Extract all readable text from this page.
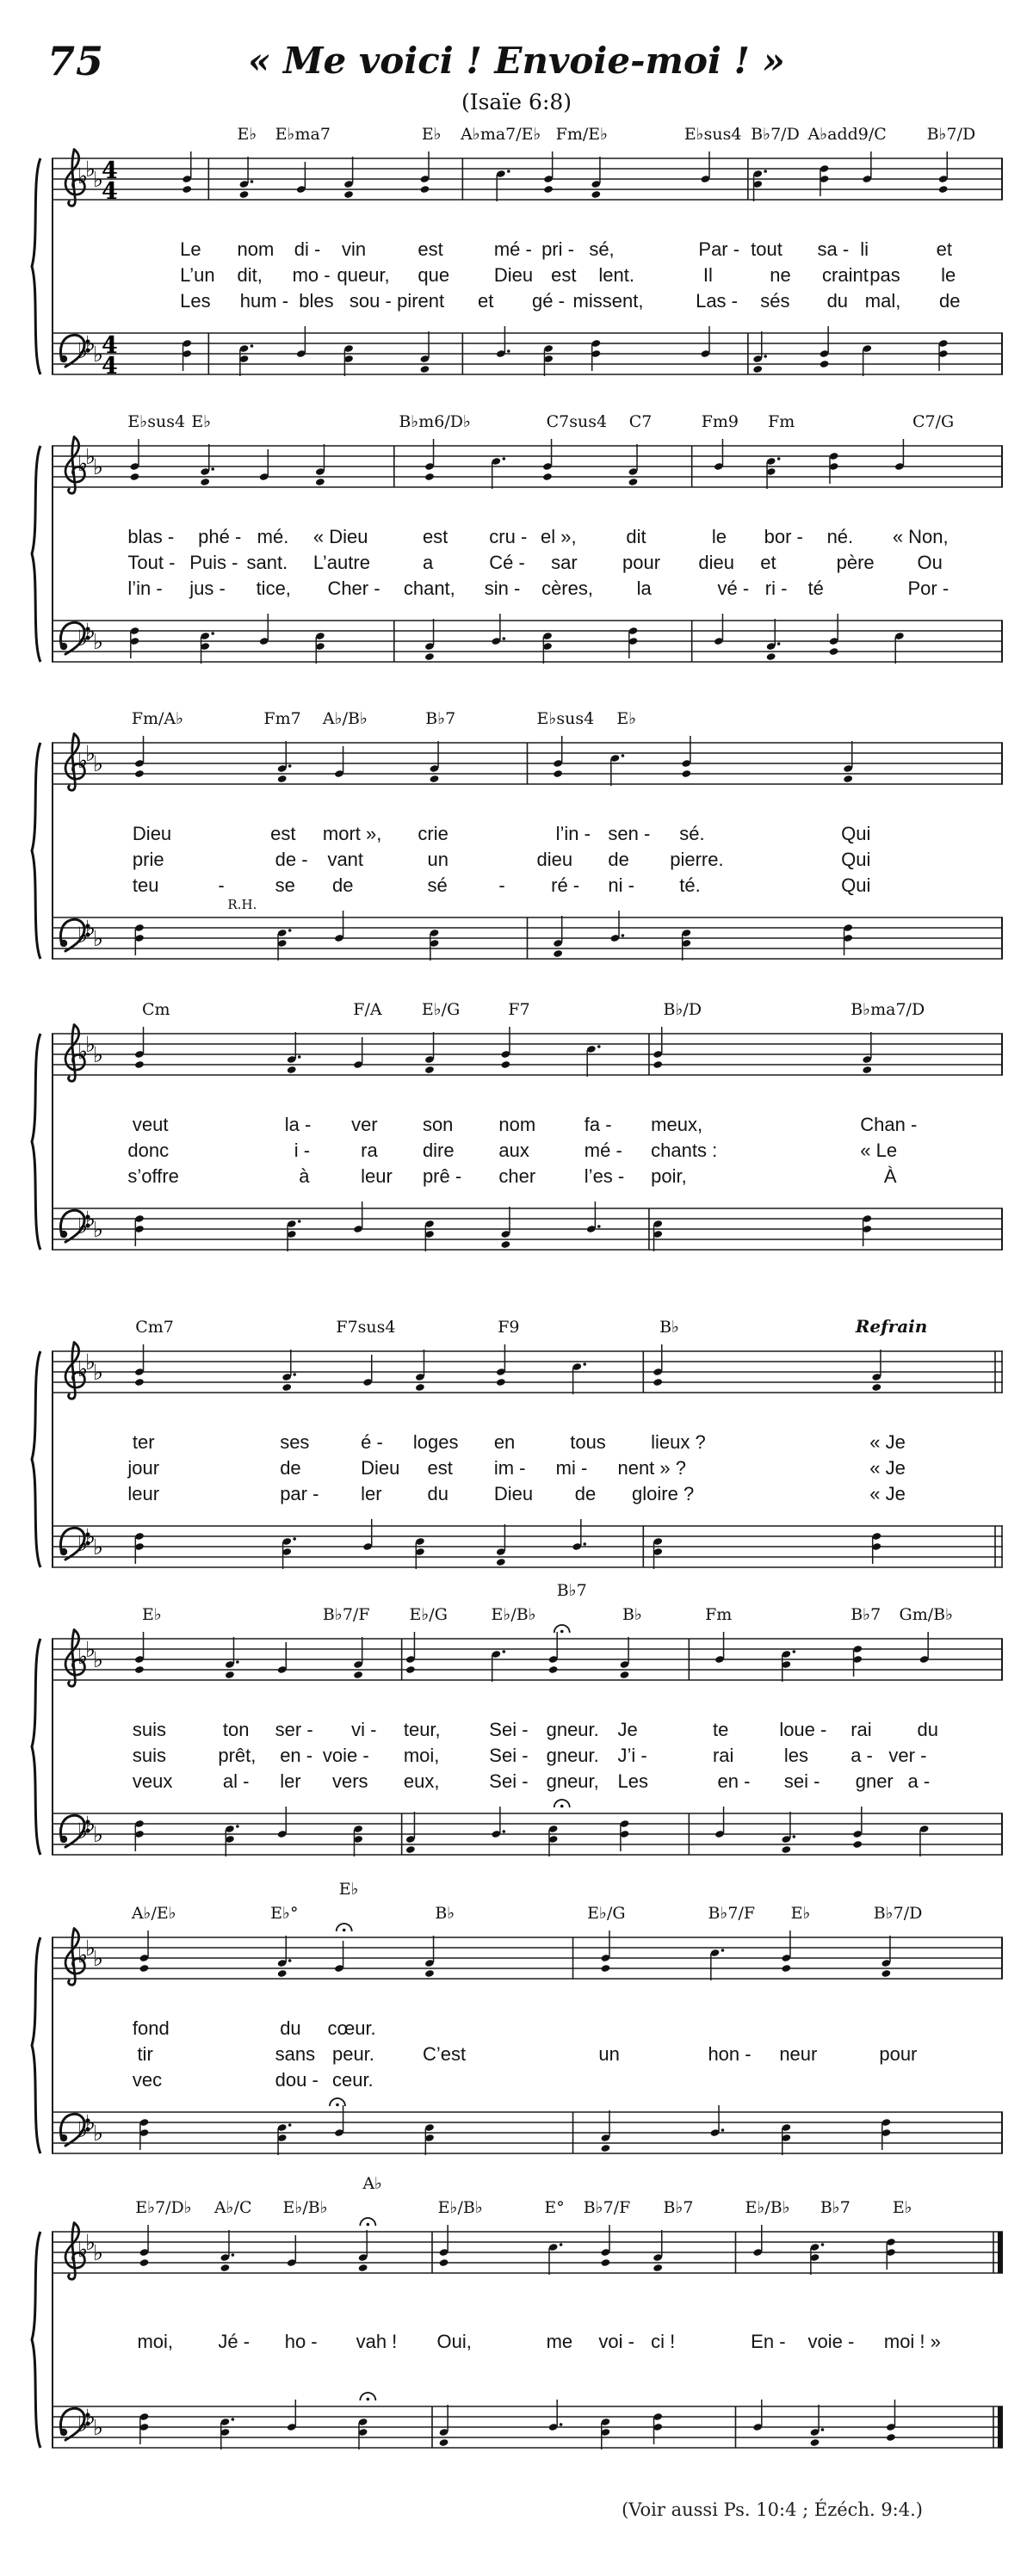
75	« Me voici ! Envoie-moi ! »
(Isaïe 6:8)
♭
♭
♭
♭
♭
♭
4
4
4
4
E♭ E♭ma7	E♭ A♭ma7/E♭ Fm/E♭	E♭sus4 B♭7/D A♭add9/C B♭7/D
Le nom di - vin	est	mé - pri - sé,	Par - tout sa - li	et
L’un dit, mo - queur, que Dieu est lent.	Il	ne craint pas le
Les hum - bles sou - pirent et gé - missent,	Las - sés du mal, de
♭
♭
♭
♭
♭
♭
E♭sus4 E♭	B♭m6/D♭	C7sus4 C7	Fm9 Fm	C7/G
blas - phé - mé. « Dieu	est cru - el »,	dit	le bor - né. « Non,
Tout - Puis - sant. L’autre	a	Cé - sar pour dieu et	père Ou
l’in - jus - tice, Cher - chant, sin - cères, la	vé - ri - té	Por -
♭
♭
♭
♭
♭
♭
Fm/A♭	Fm7 A♭/B♭	B♭7	E♭sus4 E♭
R.H.
Dieu	est mort », crie	l’in - sen - sé.	Qui
prie	de - vant	un	dieu de pierre.	Qui
teu	-	se de	sé	- ré - ni - té.	Qui
♭
♭
♭
♭
♭
♭
Cm	F/A E♭/G	F7	B♭/D	B♭ma7/D
veut	la - ver son nom	fa - meux,	Chan -
donc	i -	ra dire aux	mé - chants :	« Le
s’offre	à	leur prê - cher	l’es - poir,	À
♭
♭
♭
♭
♭
♭
Cm7	F7sus4	F9	B♭	Refrain
ter	ses	é - loges en	tous lieux ?	« Je
jour	de	Dieu est im - mi - nent » ?	« Je
leur	par - ler du Dieu de gloire ?	« Je
♭
♭
♭
♭
♭
♭
E♭	B♭7/F E♭/G	E♭/B♭
B♭7
B♭	Fm	B♭7 Gm/B♭
suis	ton ser - vi - teur,	Sei - gneur. Je	te	loue - rai du
suis	prêt, en - voie - moi,	Sei - gneur. J’i -	rai	les a - ver -
veux	al - ler vers eux,	Sei - gneur, Les	en - sei - gner a -
♭
♭
♭
♭
♭
♭
A♭/E♭	E♭°
E♭
B♭	E♭/G	B♭7/F E♭	B♭7/D
fond	du cœur.
tir	sans peur.	C’est	un	hon - neur	pour
vec	dou - ceur.
♭
♭
♭
♭
♭
♭
E♭7/D♭ A♭/C E♭/B♭
A♭
E♭/B♭	E° B♭7/F B♭7	E♭/B♭ B♭7	E♭
moi, Jé - ho - vah ! Oui,	me voi - ci !	En - voie - moi ! »
(Voir aussi Ps. 10:4 ; Ézéch. 9:4.)
